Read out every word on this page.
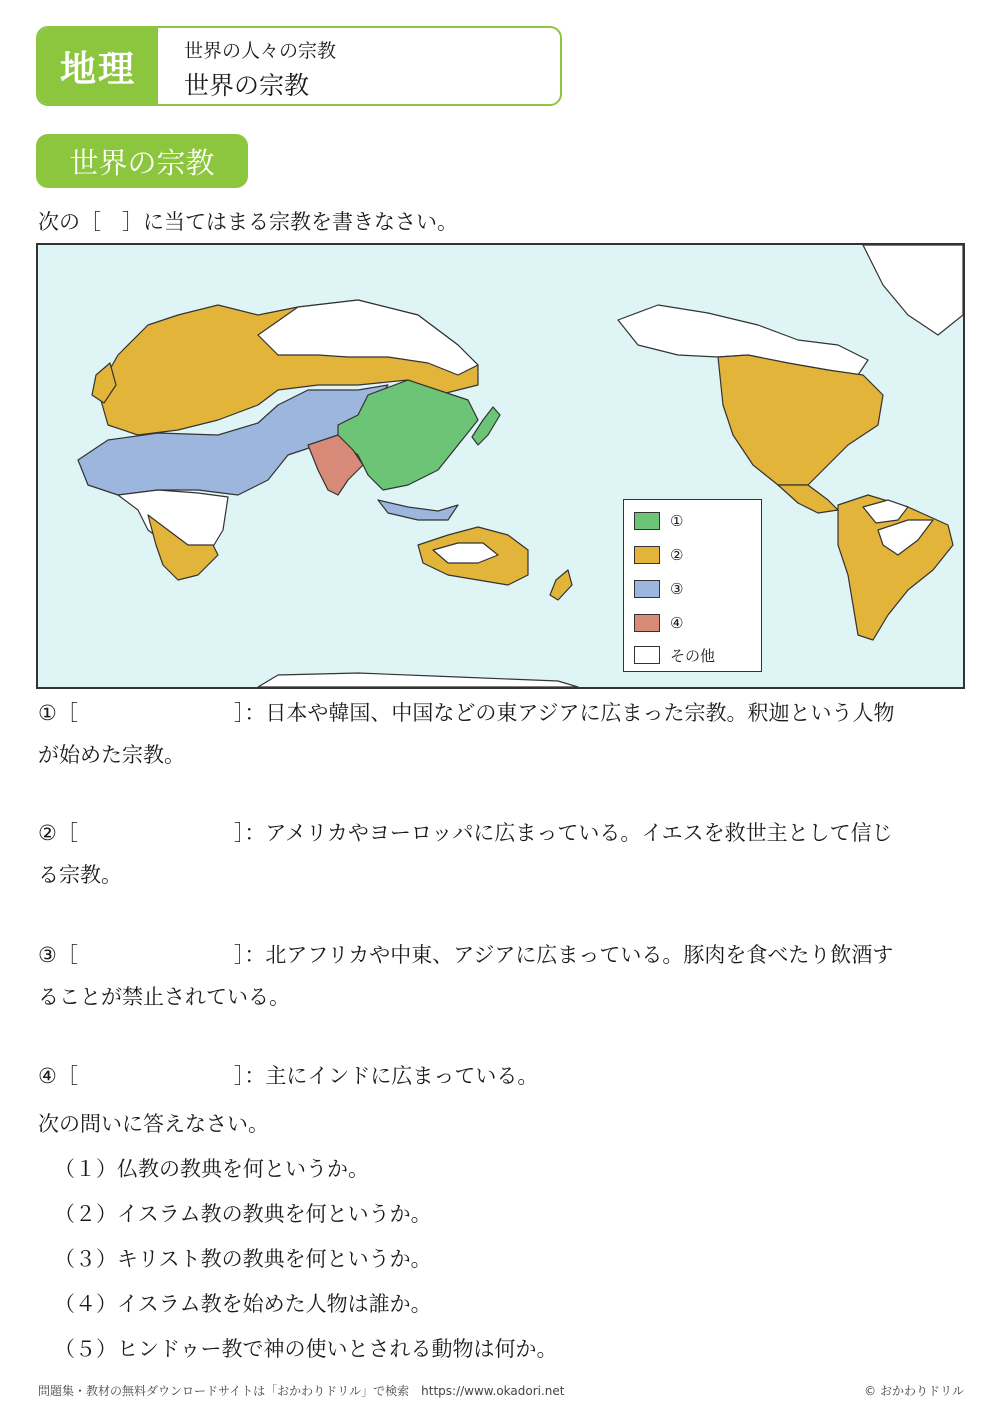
地理	世界の人々の宗教
世界の宗教
世界の宗教
次の［　］に当てはまる宗教を書きなさい。
①
②
③
④
その他
①［	］：日本や韓国、中国などの東アジアに広まった宗教。釈迦という人物
が始めた宗教。
②［	］：アメリカやヨーロッパに広まっている。イエスを救世主として信じ
る宗教。
③［	］：北アフリカや中東、アジアに広まっている。豚肉を食べたり飲酒す
ることが禁止されている。
④［	］：主にインドに広まっている。
次の問いに答えなさい。
（１）仏教の教典を何というか。
（２）イスラム教の教典を何というか。
（３）キリスト教の教典を何というか。
（４）イスラム教を始めた人物は誰か。
（５）ヒンドゥー教で神の使いとされる動物は何か。
問題集・教材の無料ダウンロードサイトは「おかわりドリル」で検索　https://www.okadori.net	© おかわりドリル
